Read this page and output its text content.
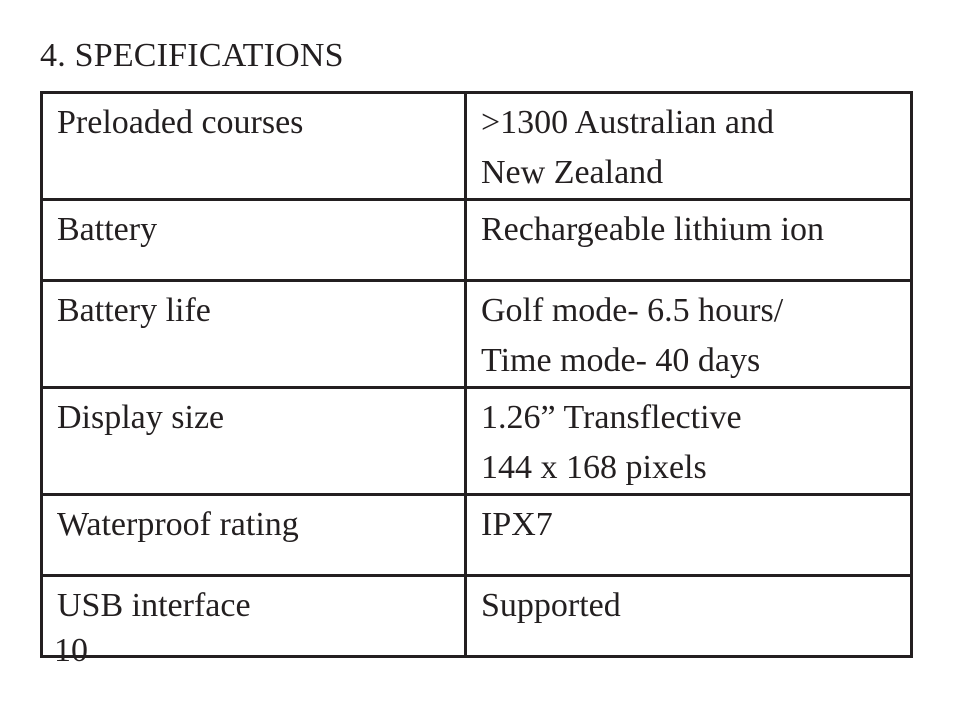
4. SPECIFICATIONS
Preloaded courses	>1300 Australian and
New Zealand

Battery	Rechargeable lithium ion

Battery life	Golf mode- 6.5 hours/
Time mode- 40 days

Display size	1.26” Transflective
144 x 168 pixels

Waterproof rating	IPX7

USB interface	Supported
10
